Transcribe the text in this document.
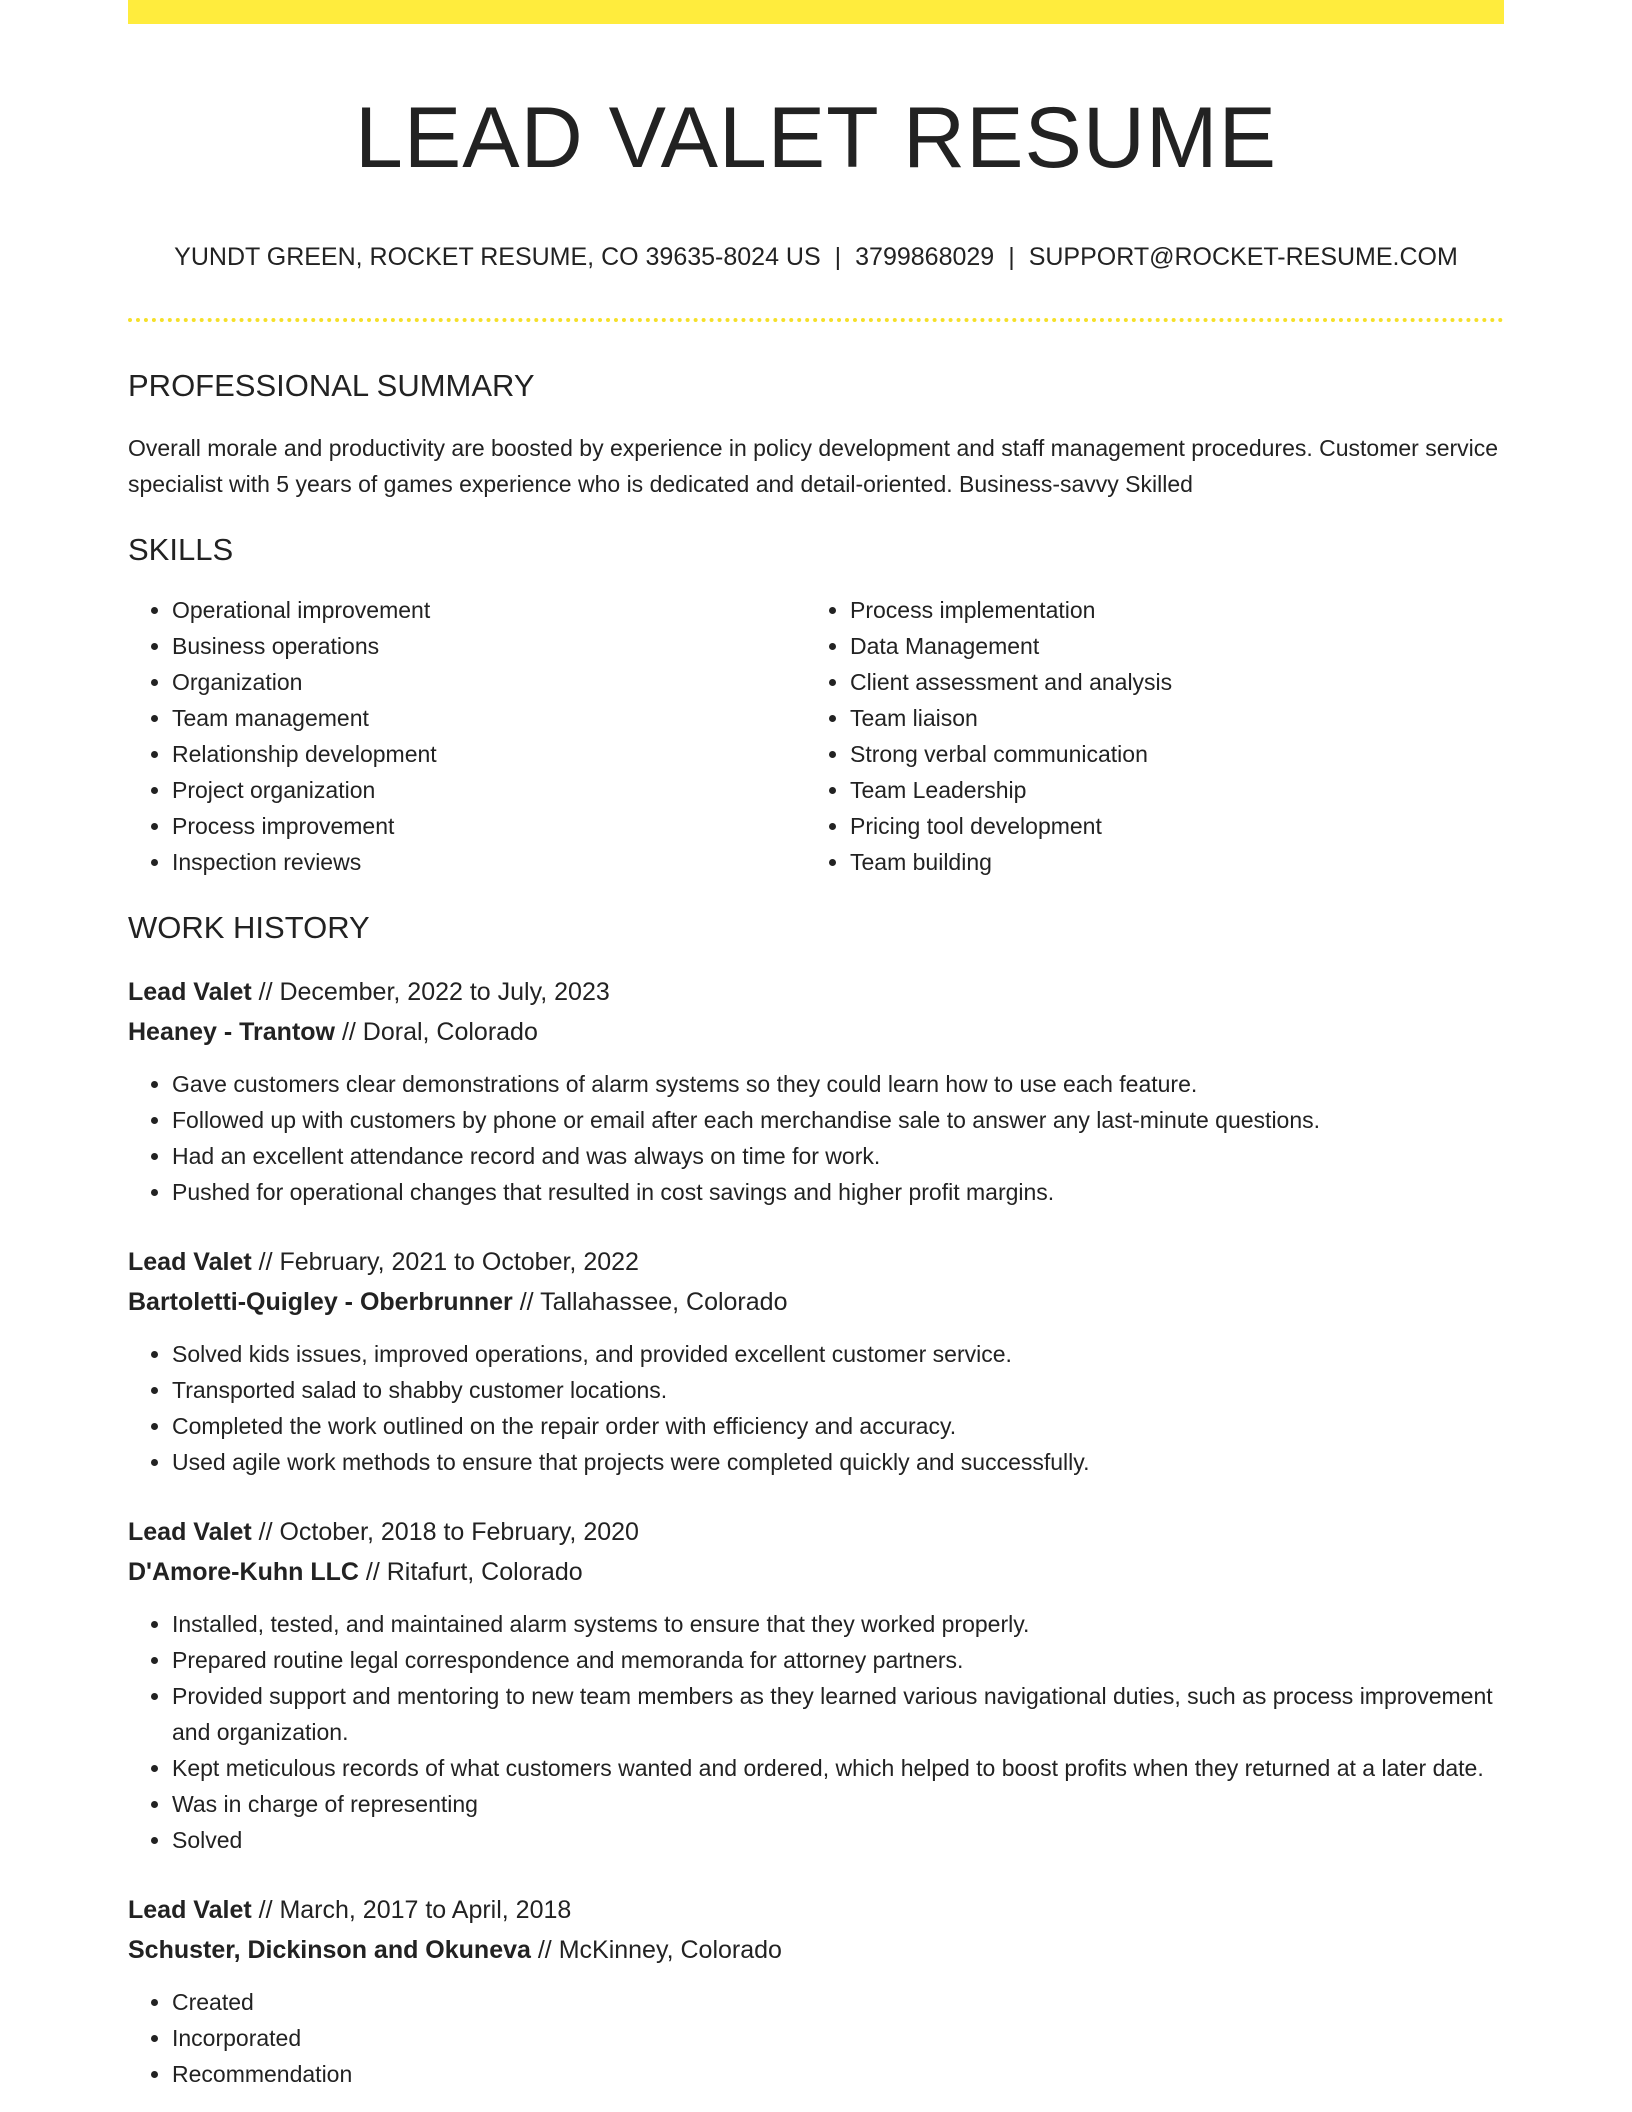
LEAD VALET RESUME
YUNDT GREEN, ROCKET RESUME, CO 39635-8024 US | 3799868029 | SUPPORT@ROCKET-RESUME.COM
PROFESSIONAL SUMMARY
Overall morale and productivity are boosted by experience in policy development and staff management procedures. Customer service specialist with 5 years of games experience who is dedicated and detail-oriented. Business-savvy Skilled
SKILLS
• Operational improvement
• Business operations
• Organization
• Team management
• Relationship development
• Project organization
• Process improvement
• Inspection reviews
• Process implementation
• Data Management
• Client assessment and analysis
• Team liaison
• Strong verbal communication
• Team Leadership
• Pricing tool development
• Team building
WORK HISTORY
Lead Valet // December, 2022 to July, 2023
Heaney - Trantow // Doral, Colorado
• Gave customers clear demonstrations of alarm systems so they could learn how to use each feature.
• Followed up with customers by phone or email after each merchandise sale to answer any last-minute questions.
• Had an excellent attendance record and was always on time for work.
• Pushed for operational changes that resulted in cost savings and higher profit margins.
Lead Valet // February, 2021 to October, 2022
Bartoletti-Quigley - Oberbrunner // Tallahassee, Colorado
• Solved kids issues, improved operations, and provided excellent customer service.
• Transported salad to shabby customer locations.
• Completed the work outlined on the repair order with efficiency and accuracy.
• Used agile work methods to ensure that projects were completed quickly and successfully.
Lead Valet // October, 2018 to February, 2020
D'Amore-Kuhn LLC // Ritafurt, Colorado
• Installed, tested, and maintained alarm systems to ensure that they worked properly.
• Prepared routine legal correspondence and memoranda for attorney partners.
• Provided support and mentoring to new team members as they learned various navigational duties, such as process improvement and organization.
• Kept meticulous records of what customers wanted and ordered, which helped to boost profits when they returned at a later date.
• Was in charge of representing
• Solved
Lead Valet // March, 2017 to April, 2018
Schuster, Dickinson and Okuneva // McKinney, Colorado
• Created
• Incorporated
• Recommendation
